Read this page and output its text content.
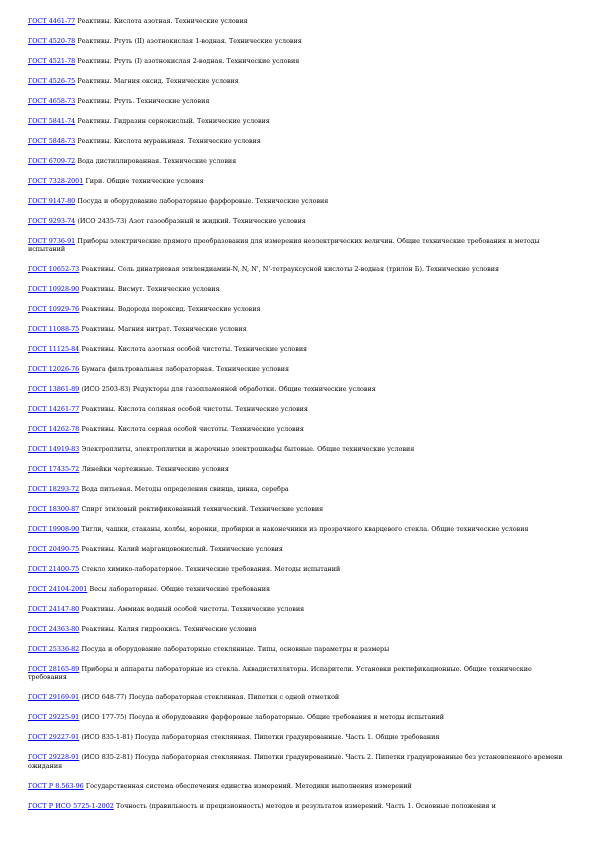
ГОСТ 4461-77 Реактивы. Кислота азотная. Технические условия
ГОСТ 4520-78 Реактивы. Ртуть (II) азотнокислая 1-водная. Технические условия
ГОСТ 4521-78 Реактивы. Ртуть (I) азотнокислая 2-водная. Технические условия
ГОСТ 4526-75 Реактивы. Магния оксид. Технические условия
ГОСТ 4658-73 Реактивы. Ртуть. Технические условия
ГОСТ 5841-74 Реактивы. Гидразин сернокислый. Технические условия
ГОСТ 5848-73 Реактивы. Кислота муравьиная. Технические условия
ГОСТ 6709-72 Вода дистиллированная. Технические условия
ГОСТ 7328-2001 Гири. Общие технические условия
ГОСТ 9147-80 Посуда и оборудование лабораторные фарфоровые. Технические условия
ГОСТ 9293-74 (ИСО 2435-73) Азот газообразный и жидкий. Технические условия
ГОСТ 9736-91 Приборы электрические прямого преобразования для измерения неэлектрических величин. Общие технические требования и методы испытаний
ГОСТ 10652-73 Реактивы. Соль динатриевая этилендиамин-N, N, N', N'-тетрауксусной кислоты 2-водная (трилон Б). Технические условия
ГОСТ 10928-90 Реактивы. Висмут. Технические условия
ГОСТ 10929-76 Реактивы. Водорода пероксид. Технические условия
ГОСТ 11088-75 Реактивы. Магния нитрат. Технические условия
ГОСТ 11125-84 Реактивы. Кислота азотная особой чистоты. Технические условия
ГОСТ 12026-76 Бумага фильтровальная лабораторная. Технические условия
ГОСТ 13861-89 (ИСО 2503-83) Редукторы для газопламенной обработки. Общие технические условия
ГОСТ 14261-77 Реактивы. Кислота соляная особой чистоты. Технические условия
ГОСТ 14262-78 Реактивы. Кислота серная особой чистоты. Технические условия
ГОСТ 14919-83 Электроплиты, электроплитки и жарочные электрошкафы бытовые. Общие технические условия
ГОСТ 17435-72 Линейки чертежные. Технические условия
ГОСТ 18293-72 Вода питьевая. Методы определения свинца, цинка, серебра
ГОСТ 18300-87 Спирт этиловый ректификованный технический. Технические условия
ГОСТ 19908-90 Тигли, чашки, стаканы, колбы, воронки, пробирки и наконечники из прозрачного кварцевого стекла. Общие технические условия
ГОСТ 20490-75 Реактивы. Калий марганцовокислый. Технические условия
ГОСТ 21400-75 Стекло химико-лабораторное. Технические требования. Методы испытаний
ГОСТ 24104-2001 Весы лабораторные. Общие технические требования
ГОСТ 24147-80 Реактивы. Аммиак водный особой чистоты. Технические условия
ГОСТ 24363-80 Реактивы. Калия гидроокись. Технические условия
ГОСТ 25336-82 Посуда и оборудование лабораторные стеклянные. Типы, основные параметры и размеры
ГОСТ 28165-89 Приборы и аппараты лабораторные из стекла. Аквадистилляторы. Испарители. Установки ректификационные. Общие технические требования
ГОСТ 29169-91 (ИСО 648-77) Посуда лабораторная стеклянная. Пипетки с одной отметкой
ГОСТ 29225-91 (ИСО 177-75) Посуда и оборудование фарфоровые лабораторные. Общие требования и методы испытаний
ГОСТ 29227-91 (ИСО 835-1-81) Посуда лабораторная стеклянная. Пипетки градуированные. Часть 1. Общие требования
ГОСТ 29228-91 (ИСО 835-2-81) Посуда лабораторная стеклянная. Пипетки градуированные. Часть 2. Пипетки градуированные без установленного времени ожидания
ГОСТ Р 8.563-96 Государственная система обеспечения единства измерений. Методики выполнения измерений
ГОСТ Р ИСО 5725-1-2002 Точность (правильность и прецизионность) методов и результатов измерений. Часть 1. Основные положения и
